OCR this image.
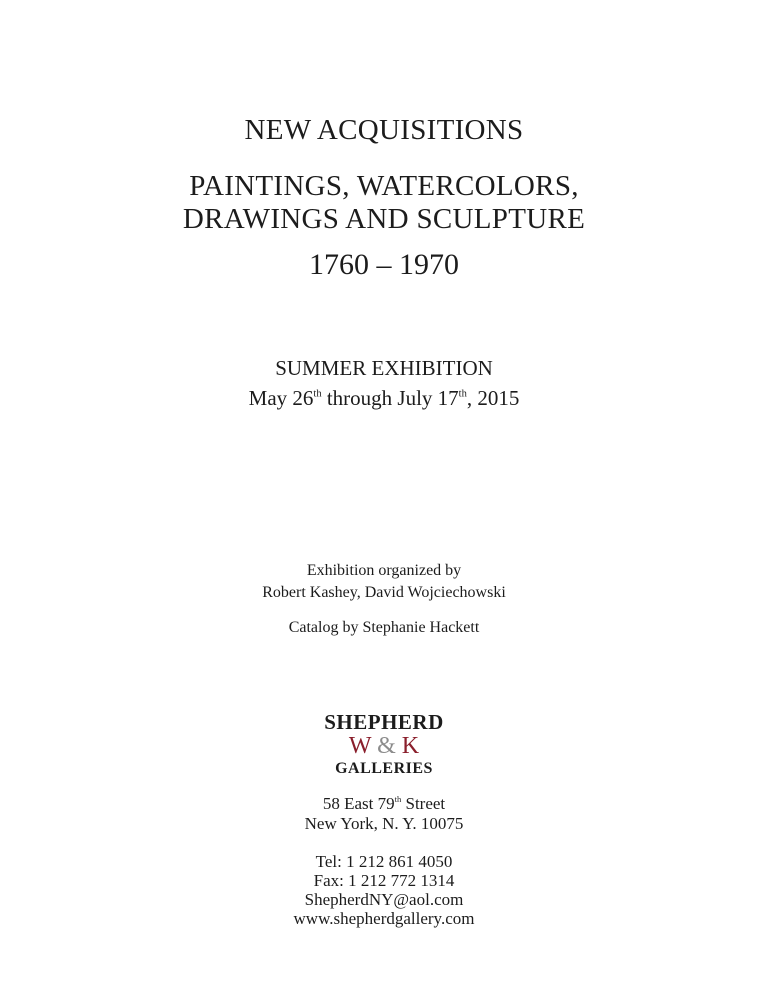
NEW ACQUISITIONS
PAINTINGS, WATERCOLORS,
DRAWINGS AND SCULPTURE
1760 – 1970
SUMMER EXHIBITION
May 26th through July 17th, 2015
Exhibition organized by
Robert Kashey, David Wojciechowski
Catalog by Stephanie Hackett
SHEPHERD
W & K
GALLERIES
58 East 79th Street
New York, N. Y. 10075
Tel: 1 212 861 4050
Fax: 1 212 772 1314
ShepherdNY@aol.com
www.shepherdgallery.com
